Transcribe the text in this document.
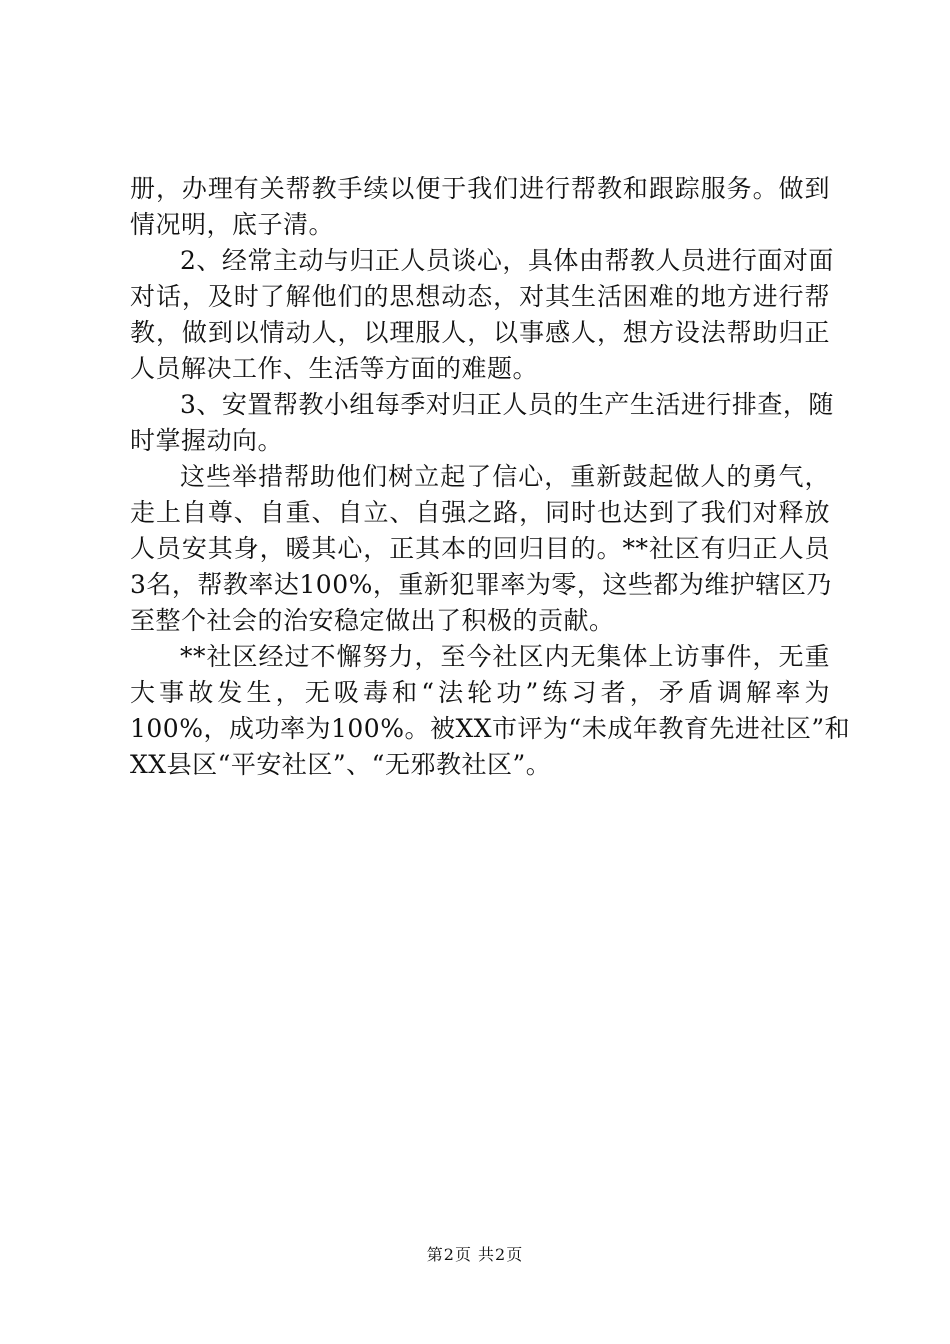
册，办理有关帮教手续以便于我们进行帮教和跟踪服务。做到
情况明，底子清。
2、经常主动与归正人员谈心，具体由帮教人员进行面对面
对话，及时了解他们的思想动态，对其生活困难的地方进行帮
教，做到以情动人，以理服人，以事感人，想方设法帮助归正
人员解决工作、生活等方面的难题。
3、安置帮教小组每季对归正人员的生产生活进行排查，随
时掌握动向。
这些举措帮助他们树立起了信心，重新鼓起做人的勇气，
走上自尊、自重、自立、自强之路，同时也达到了我们对释放
人员安其身，暖其心，正其本的回归目的。**社区有归正人员
3名，帮教率达100%，重新犯罪率为零，这些都为维护辖区乃
至整个社会的治安稳定做出了积极的贡献。
**社区经过不懈努力，至今社区内无集体上访事件，无重
大事故发生，无吸毒和“法轮功”练习者，矛盾调解率为
100%，成功率为100%。被XX市评为“未成年教育先进社区”和
XX县区“平安社区”、“无邪教社区”。
第2页 共2页
